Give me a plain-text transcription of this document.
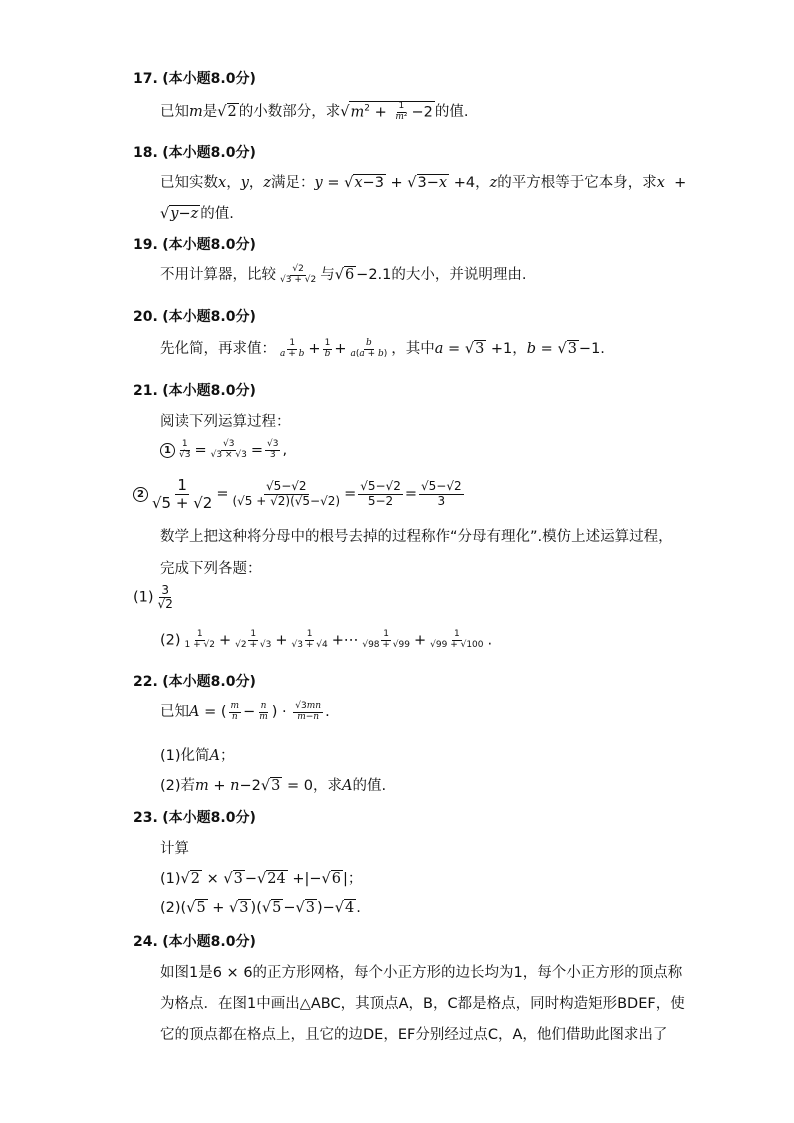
17. (本小题8.0分)
已知m是√2 的小数部分，求$√m^2 + \frac{1}{\text{m²}} -2$ 的值.
18. (本小题8.0分)
已知实数x，y，z满足：y = √x−3 + √3−x +4，z的平方根等于它本身，求x  +
√y−z 的值.
19. (本小题8.0分)
不用计算器，比较 $\frac{√2}{√3 + √2}$ 与√6 −2.1的大小，并说明理由.
20. (本小题8.0分)
先化简，再求值： $\frac{1}{a + b} + \frac{1}{b} + \frac{b}{a(a + b)}$ ，其中a = √3 +1，b = √3 −1.
21. (本小题8.0分)
阅读下列运算过程：
$1 \frac{1}{√3} = \frac{√3}{√3 \times √3} = \frac{√3}{3}$ ,
$2 \frac{1}{√5 + √2} = \frac{√5-√2}{(√5 + √2)(√5-√2)} = \frac{√5-√2}{5-2} = \frac{√5-√2}{3}$
数学上把这种将分母中的根号去掉的过程称作“分母有理化”.模仿上述运算过程，
完成下列各题：
$(1) \frac{3}{√2}$
$(2) \frac{1}{1 + √2} + \frac{1}{√2 + √3} + \frac{1}{√3 + √4}$ +⋯ $\frac{1}{√98 + √99} + \frac{1}{√99 + √100}$ .
22. (本小题8.0分)
已知A = ( $\frac{m}{n} - \frac{n}{m}$ ) · $\frac{√3mn}{m-n}$ .
(1)化简A；
(2)若m + n−2√3 = 0，求A的值.
23. (本小题8.0分)
计算
(1)√2 × √3 −√24 +|−√6 |；
(2)(√5 + √3 )(√5 −√3 )−√4 .
24. (本小题8.0分)
如图1是6 × 6的正方形网格，每个小正方形的边长均为1，每个小正方形的顶点称
为格点．在图1中画出△ABC，其顶点A，B，C都是格点，同时构造矩形BDEF，使
它的顶点都在格点上，且它的边DE，EF分别经过点C，A，他们借助此图求出了
